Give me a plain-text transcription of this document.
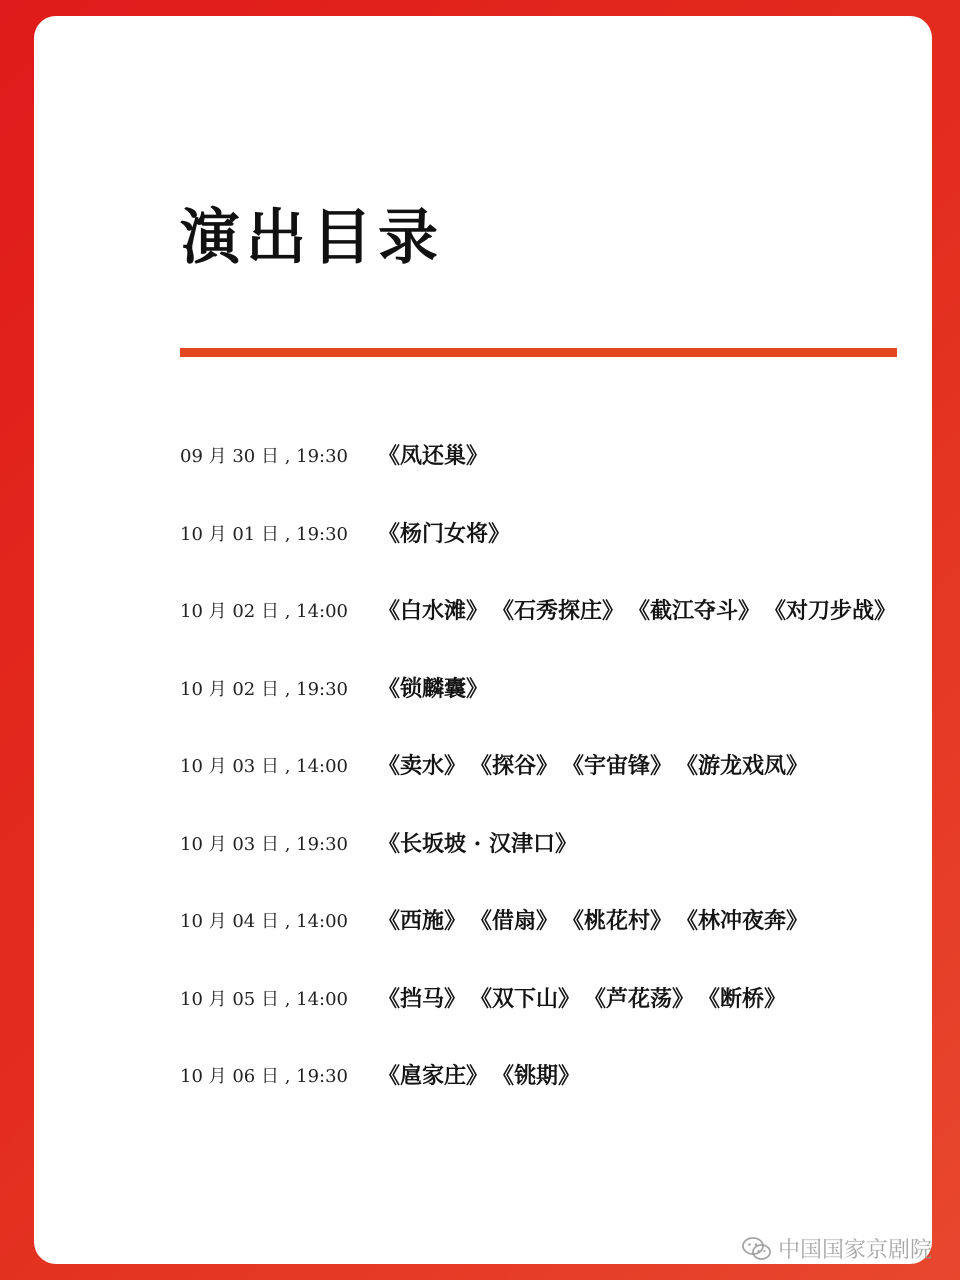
演出目录
09 月 30 日 , 19:30 《凤还巢》
10 月 01 日 , 19:30 《杨门女将》
10 月 02 日 , 14:00 《白水滩》 《石秀探庄》 《截江夺斗》 《对刀步战》
10 月 02 日 , 19:30 《锁麟囊》
10 月 03 日 , 14:00 《卖水》 《探谷》 《宇宙锋》 《游龙戏凤》
10 月 03 日 , 19:30 《长坂坡 · 汉津口》
10 月 04 日 , 14:00 《西施》 《借扇》 《桃花村》 《林冲夜奔》
10 月 05 日 , 14:00 《挡马》 《双下山》 《芦花荡》 《断桥》
10 月 06 日 , 19:30 《扈家庄》 《铫期》
中国国家京剧院
